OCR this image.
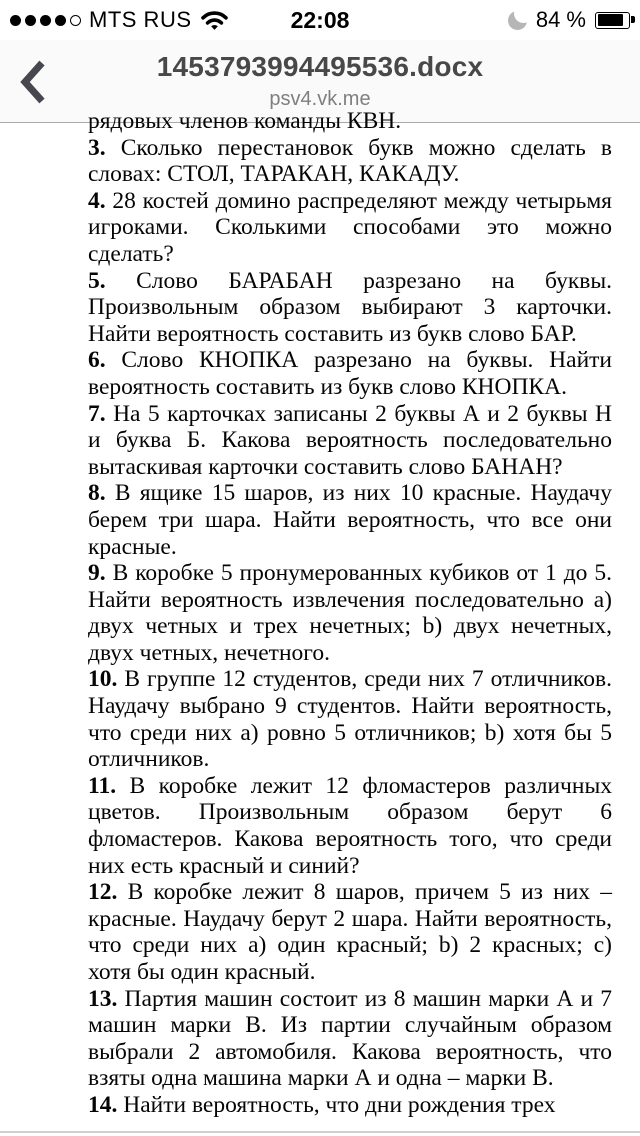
MTS RUS	22:08	84 %
1453793994495536.docx
psv4.vk.me

рядовых членов команды КВН.

3. Сколько перестановок букв можно сделать в словах: СТОЛ, ТАРАКАН, КАКАДУ.

4. 28 костей домино распределяют между четырьмя игроками. Сколькими способами это можно сделать?

5. Слово БАРАБАН разрезано на буквы. Произвольным образом выбирают 3 карточки. Найти вероятность составить из букв слово БАР.

6. Слово КНОПКА разрезано на буквы. Найти вероятность составить из букв слово КНОПКА.

7. На 5 карточках записаны 2 буквы А и 2 буквы Н и буква Б. Какова вероятность последовательно вытаскивая карточки составить слово БАНАН?

8. В ящике 15 шаров, из них 10 красные. Наудачу берем три шара. Найти вероятность, что все они красные.

9. В коробке 5 пронумерованных кубиков от 1 до 5. Найти вероятность извлечения последовательно а) двух четных и трех нечетных; b) двух нечетных, двух четных, нечетного.

10. В группе 12 студентов, среди них 7 отличников. Наудачу выбрано 9 студентов. Найти вероятность, что среди них а) ровно 5 отличников; b) хотя бы 5 отличников.

11. В коробке лежит 12 фломастеров различных цветов. Произвольным образом берут 6 фломастеров. Какова вероятность того, что среди них есть красный и синий?

12. В коробке лежит 8 шаров, причем 5 из них – красные. Наудачу берут 2 шара. Найти вероятность, что среди них а) один красный; b) 2 красных; c) хотя бы один красный.

13. Партия машин состоит из 8 машин марки А и 7 машин марки В. Из партии случайным образом выбрали 2 автомобиля. Какова вероятность, что взяты одна машина марки А и одна – марки В.

14. Найти вероятность, что дни рождения трех
